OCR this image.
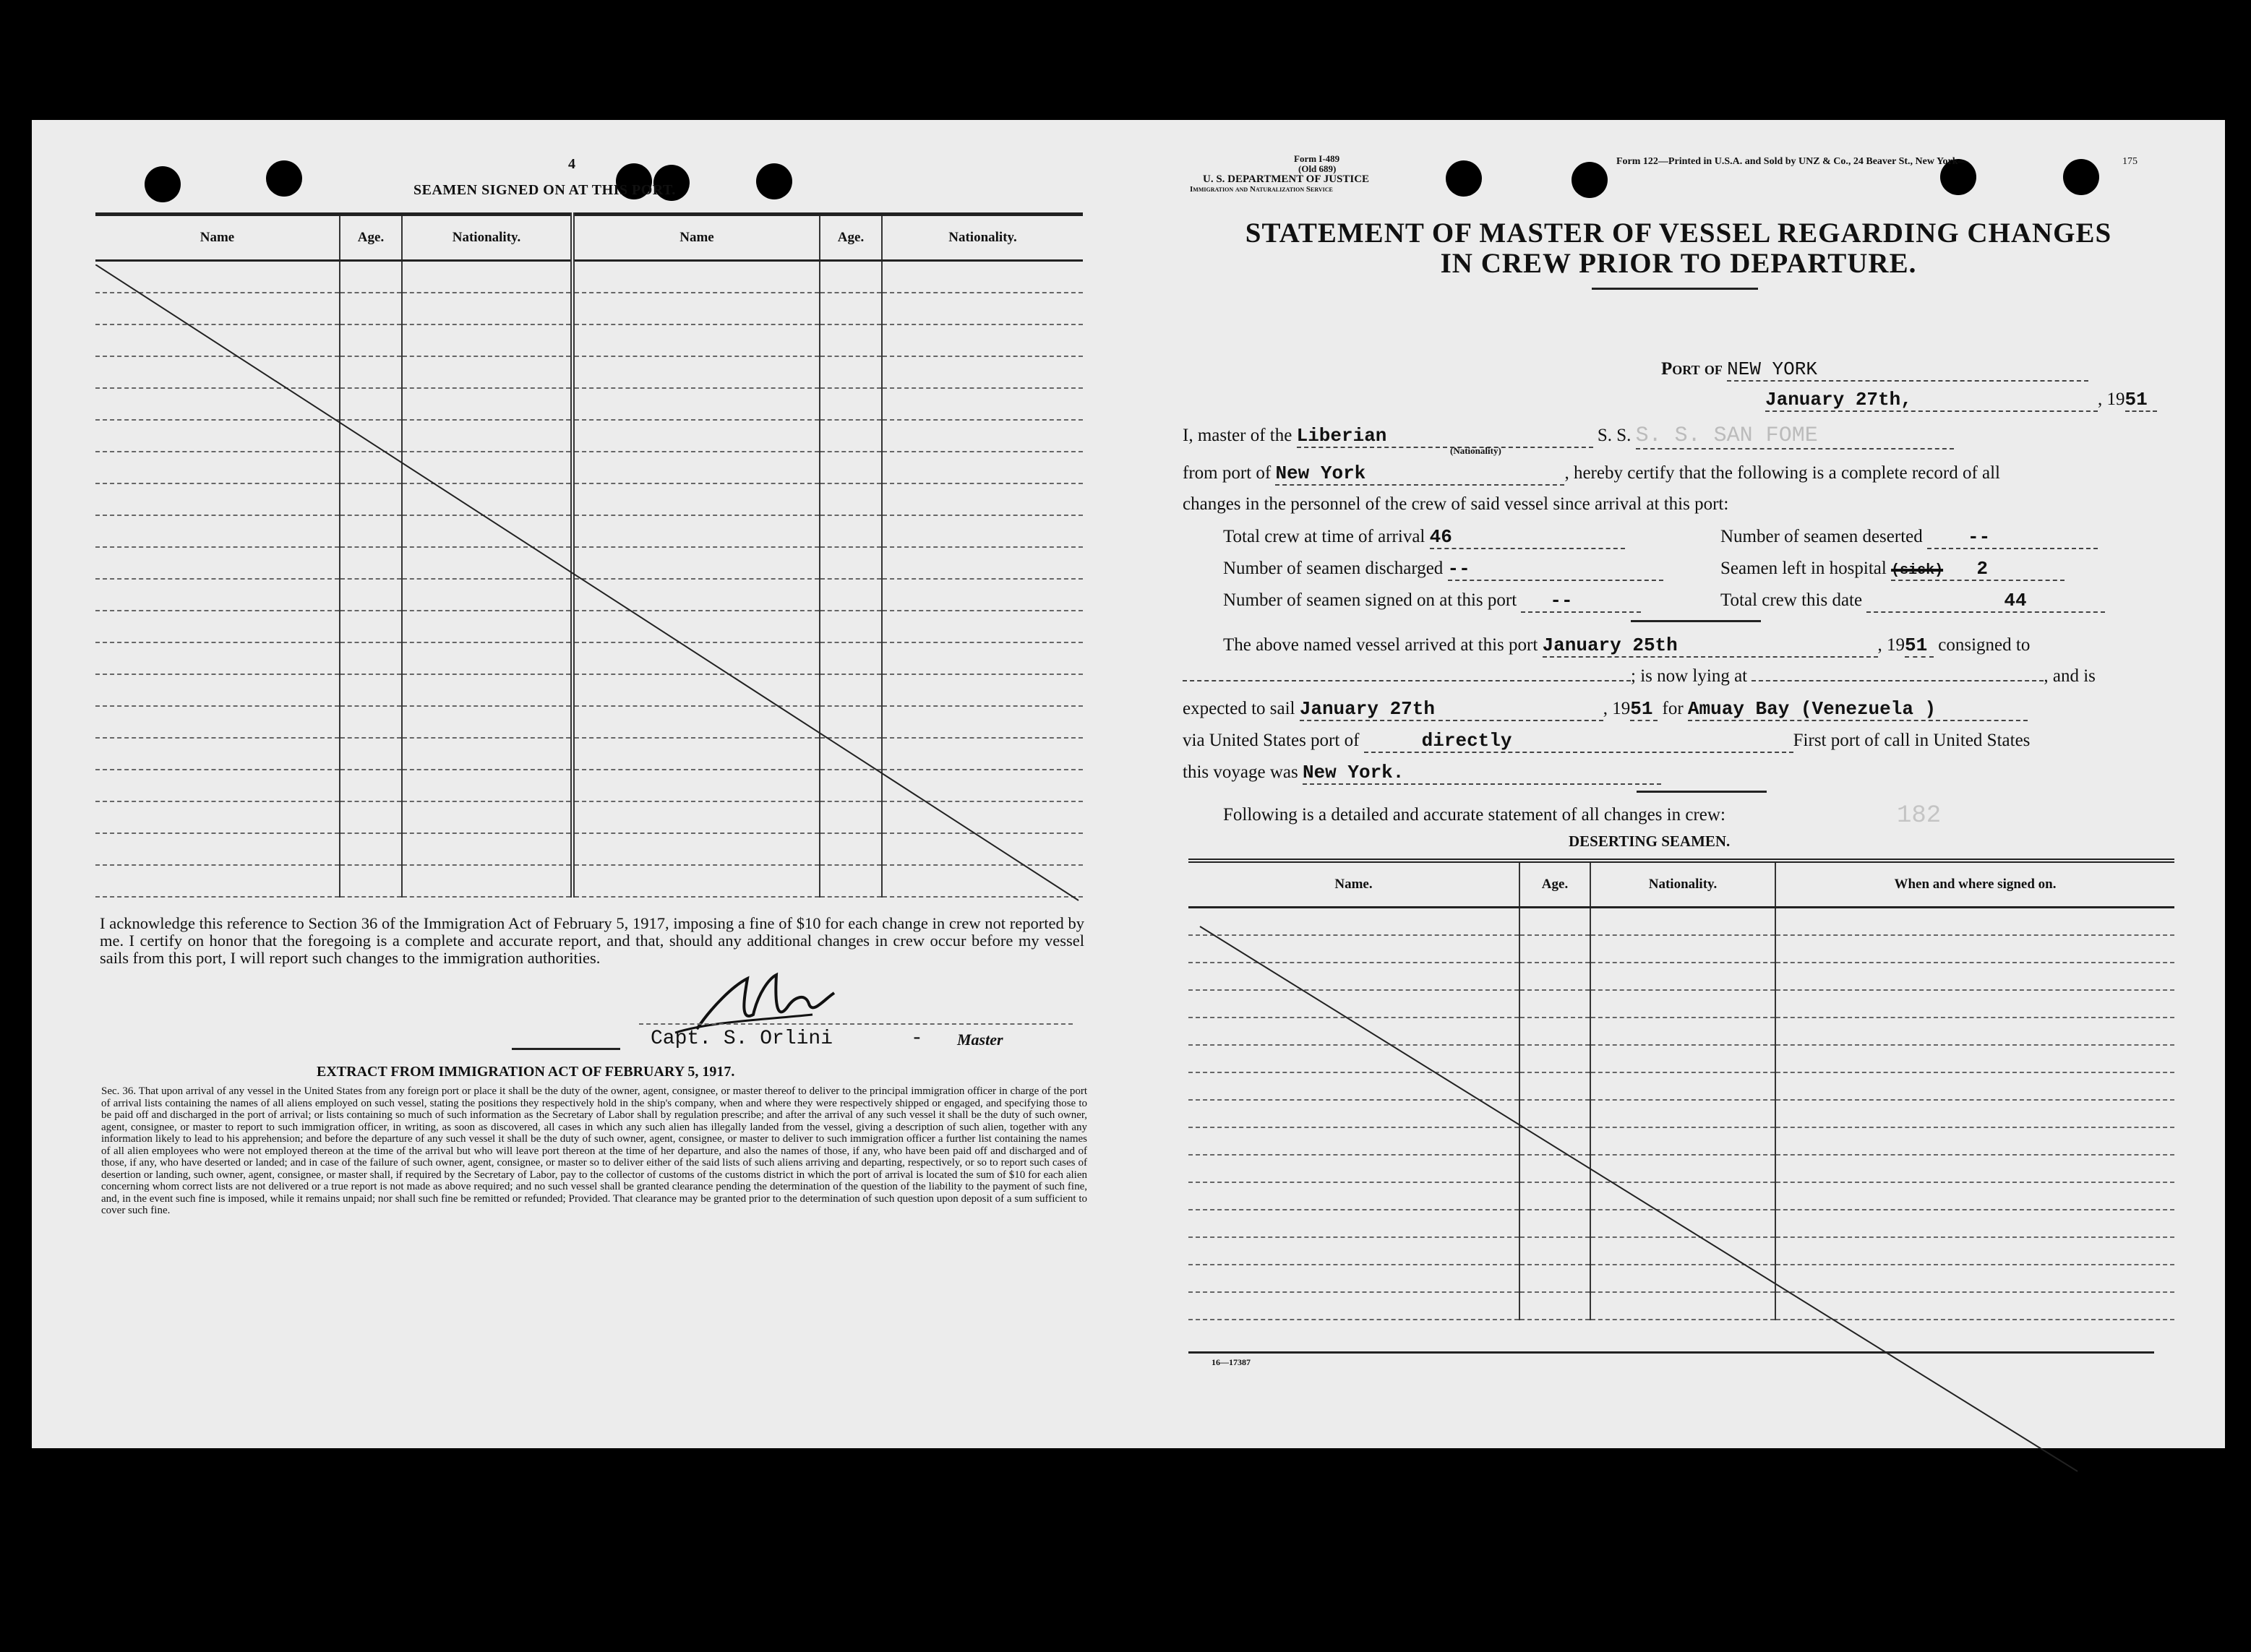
4
SEAMEN SIGNED ON AT THIS PORT.
Name	Age.	Nationality.	Name	Age.	Nationality.

I acknowledge this reference to Section 36 of the Immigration Act of February 5, 1917, imposing a fine of $10 for each change in crew not reported by me. I certify on honor that the foregoing is a complete and accurate report, and that, should any additional changes in crew occur before my vessel sails from this port, I will report such changes to the immigration authorities.
Capt. S. Orlini	- Master
EXTRACT FROM IMMIGRATION ACT OF FEBRUARY 5, 1917.
Sec. 36. That upon arrival of any vessel in the United States from any foreign port or place it shall be the duty of the owner, agent, consignee, or master thereof to deliver to the principal immigration officer in charge of the port of arrival lists containing the names of all aliens employed on such vessel, stating the positions they respectively hold in the ship's company, when and where they were respectively shipped or engaged, and specifying those to be paid off and discharged in the port of arrival; or lists containing so much of such information as the Secretary of Labor shall by regulation prescribe; and after the arrival of any such vessel it shall be the duty of such owner, agent, consignee, or master to report to such immigration officer, in writing, as soon as discovered, all cases in which any such alien has illegally landed from the vessel, giving a description of such alien, together with any information likely to lead to his apprehension; and before the departure of any such vessel it shall be the duty of such owner, agent, consignee, or master to deliver to such immigration officer a further list containing the names of all alien employees who were not employed thereon at the time of the arrival but who will leave port thereon at the time of her departure, and also the names of those, if any, who have been paid off and discharged and of those, if any, who have deserted or landed; and in case of the failure of such owner, agent, consignee, or master so to deliver either of the said lists of such aliens arriving and departing, respectively, or so to report such cases of desertion or landing, such owner, agent, consignee, or master shall, if required by the Secretary of Labor, pay to the collector of customs of the customs district in which the port of arrival is located the sum of $10 for each alien concerning whom correct lists are not delivered or a true report is not made as above required; and no such vessel shall be granted clearance pending the determination of the question of the liability to the payment of such fine, and, in the event such fine is imposed, while it remains unpaid; nor shall such fine be remitted or refunded; Provided. That clearance may be granted prior to the determination of such question upon deposit of a sum sufficient to cover such fine.
Form I-489
(Old 689)
U. S. DEPARTMENT OF JUSTICE
Immigration and Naturalization Service
Form 122—Printed in U.S.A. and Sold by UNZ & Co., 24 Beaver St., New York—	175
STATEMENT OF MASTER OF VESSEL REGARDING CHANGES
IN CREW PRIOR TO DEPARTURE.
Port of NEW YORK
January 27th,	, 1951
I, master of the Liberian	S. S. S. S. SAN FOME
(Nationality)
from port of New York	, hereby certify that the following is a complete record of all
changes in the personnel of the crew of said vessel since arrival at this port:
Total crew at time of arrival 46	Number of seamen deserted --
Number of seamen discharged --	Seamen left in hospital (sick) 2
Number of seamen signed on at this port --	Total crew this date	44
The above named vessel arrived at this port January 25th	, 1951 consigned to
; is now lying at	, and is
expected to sail January 27th	, 1951 for Amuay Bay (Venezuela )
via United States port of	directly	First port of call in United States
this voyage was New York.
Following is a detailed and accurate statement of all changes in crew:	182
DESERTING SEAMEN.
Name.	Age.	Nationality.	When and where signed on.

16—17387
